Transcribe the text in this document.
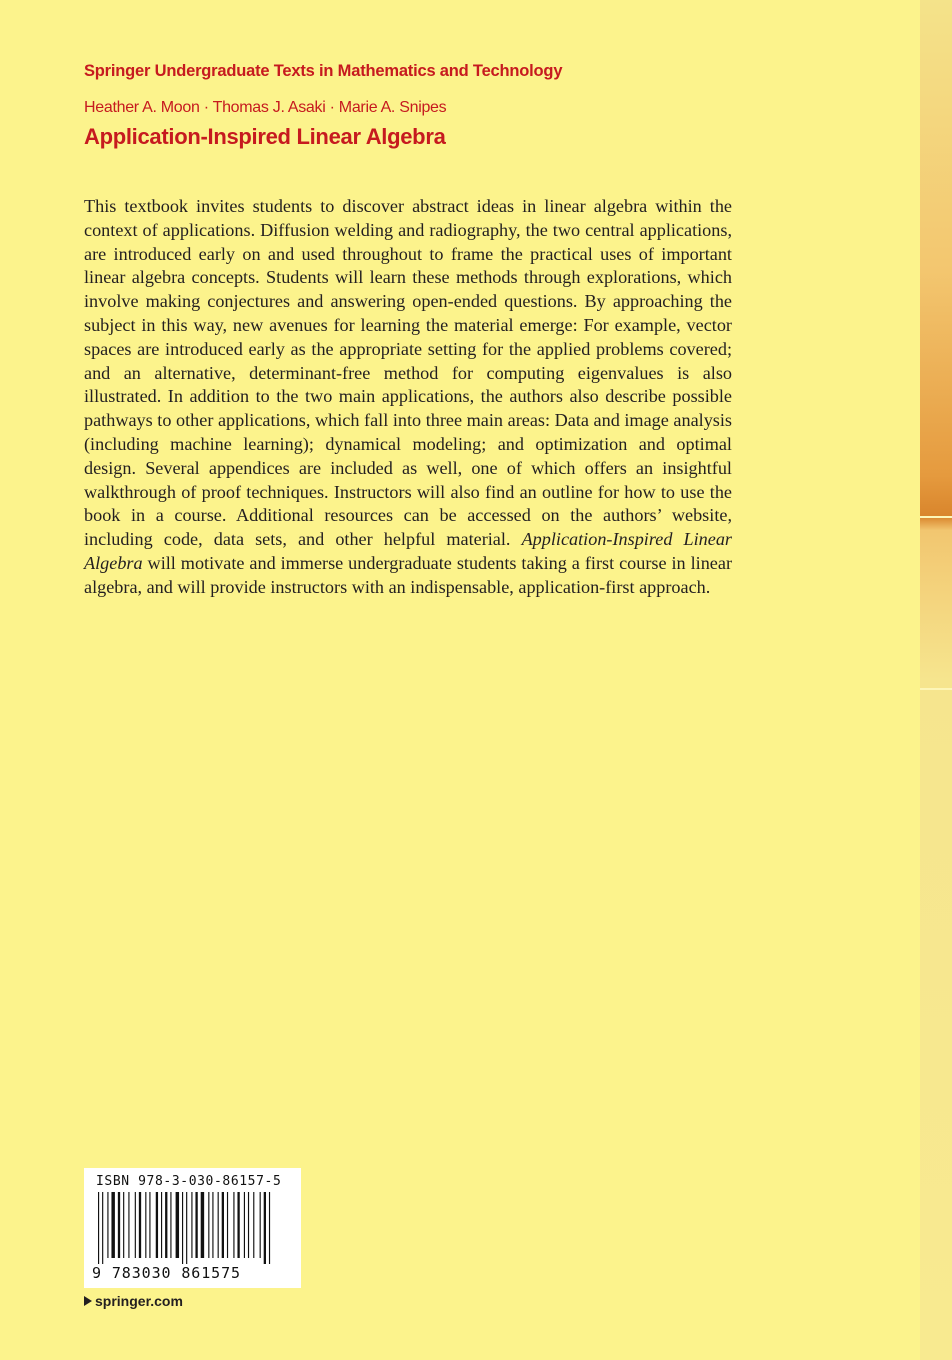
Springer Undergraduate Texts in Mathematics and Technology
Heather A. Moon · Thomas J. Asaki · Marie A. Snipes
Application-Inspired Linear Algebra

This textbook invites students to discover abstract ideas in linear algebra within the context of applications. Diffusion welding and radiography, the two central applications, are introduced early on and used throughout to frame the practical uses of important linear algebra concepts. Students will learn these methods through explorations, which involve making conjectures and answering open-ended questions. By approaching the subject in this way, new avenues for learning the material emerge: For example, vector spaces are introduced early as the appropriate setting for the applied problems covered; and an alternative, determinant-free method for computing eigenvalues is also illustrated. In addition to the two main applications, the authors also describe possible pathways to other applications, which fall into three main areas: Data and image analysis (including machine learning); dynamical modeling; and optimization and optimal design. Several appendices are included as well, one of which offers an insightful walkthrough of proof techniques. Instructors will also find an outline for how to use the book in a course. Additional resources can be accessed on the authors’ website, including code, data sets, and other helpful material. Application-Inspired Linear Algebra will motivate and immerse undergraduate students taking a first course in linear algebra, and will provide instructors with an indispensable, application-first approach.

ISBN 978-3-030-86157-5
9 783030 861575
springer.com
